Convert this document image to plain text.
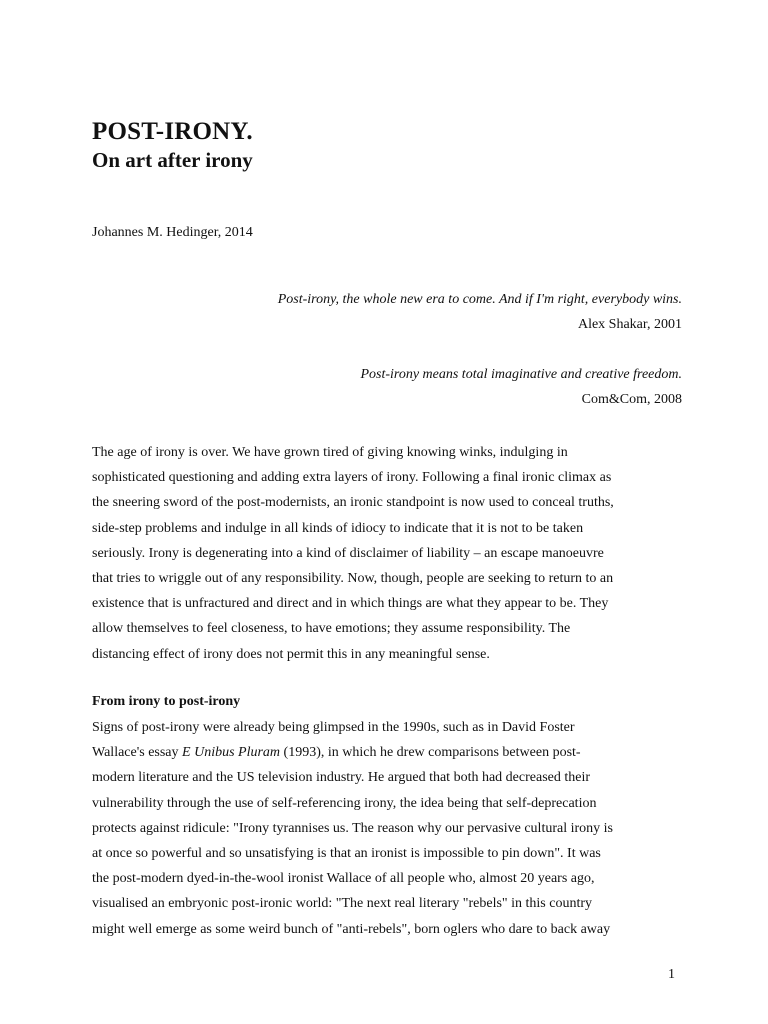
POST-IRONY.
On art after irony
Johannes M. Hedinger, 2014
Post-irony, the whole new era to come. And if I'm right, everybody wins.
Alex Shakar, 2001
Post-irony means total imaginative and creative freedom.
Com&Com, 2008

The age of irony is over. We have grown tired of giving knowing winks, indulging in
sophisticated questioning and adding extra layers of irony. Following a final ironic climax as
the sneering sword of the post-modernists, an ironic standpoint is now used to conceal truths,
side-step problems and indulge in all kinds of idiocy to indicate that it is not to be taken
seriously. Irony is degenerating into a kind of disclaimer of liability – an escape manoeuvre
that tries to wriggle out of any responsibility. Now, though, people are seeking to return to an
existence that is unfractured and direct and in which things are what they appear to be. They
allow themselves to feel closeness, to have emotions; they assume responsibility. The
distancing effect of irony does not permit this in any meaningful sense.

From irony to post-irony

Signs of post-irony were already being glimpsed in the 1990s, such as in David Foster
Wallace's essay E Unibus Pluram (1993), in which he drew comparisons between post-
modern literature and the US television industry. He argued that both had decreased their
vulnerability through the use of self-referencing irony, the idea being that self-deprecation
protects against ridicule: "Irony tyrannises us. The reason why our pervasive cultural irony is
at once so powerful and so unsatisfying is that an ironist is impossible to pin down". It was
the post-modern dyed-in-the-wool ironist Wallace of all people who, almost 20 years ago,
visualised an embryonic post-ironic world: "The next real literary "rebels" in this country
might well emerge as some weird bunch of "anti-rebels", born oglers who dare to back away

1
